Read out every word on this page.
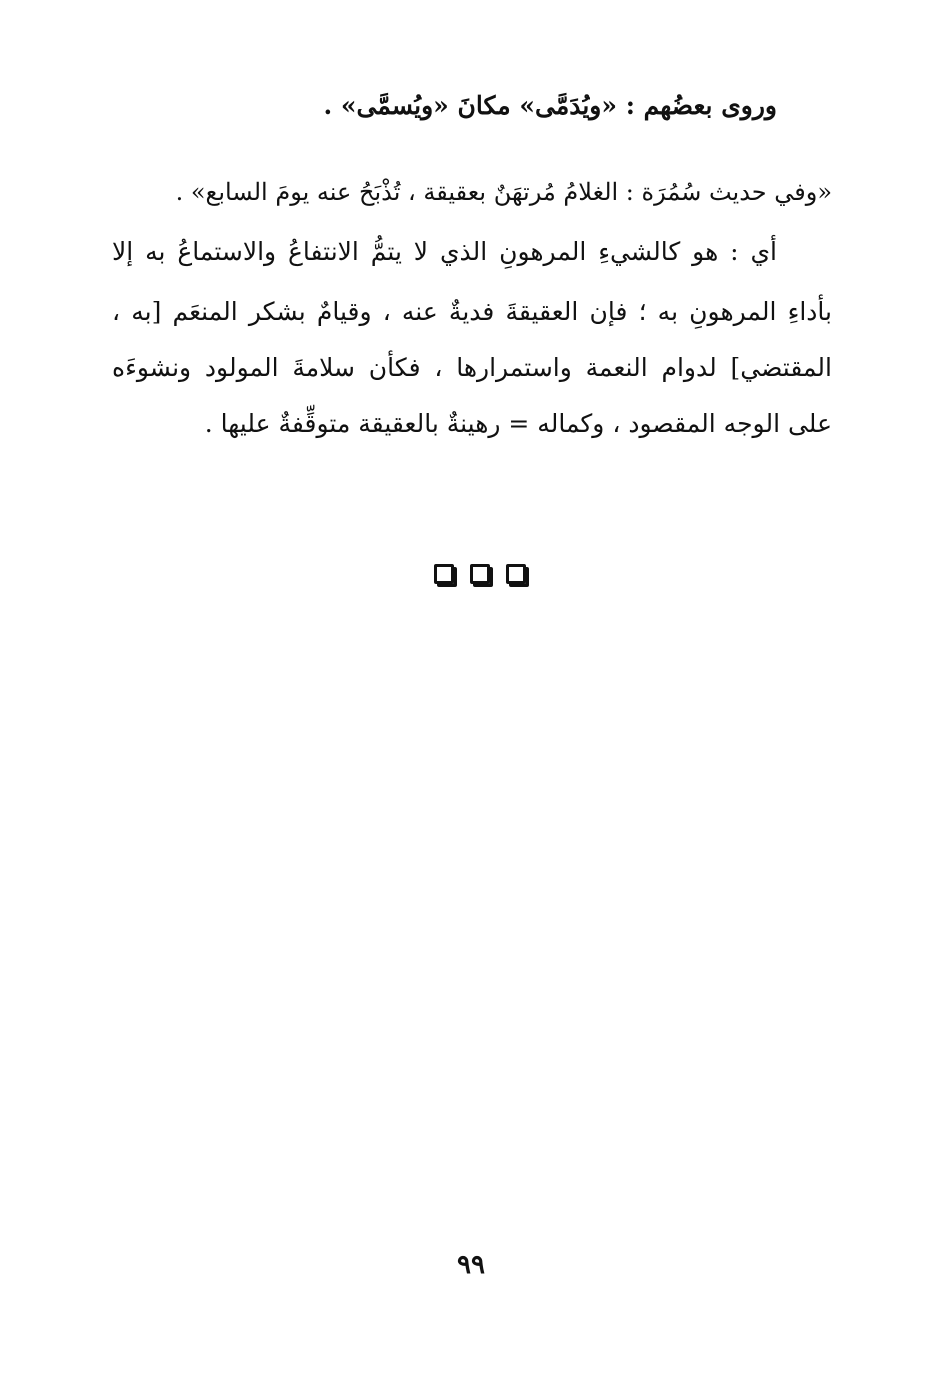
وروى بعضُهم : «ويُدَمَّى» مكانَ «ويُسمَّى» .
«وفي حديث سُمُرَة : الغلامُ مُرتهَنٌ بعقيقة ، تُذْبَحُ عنه يومَ السابع» .
أي : هو كالشيءِ المرهونِ الذي لا يتمُّ الانتفاعُ والاستماعُ به إلا
بأداءِ المرهونِ به ؛ فإن العقيقةَ فديةٌ عنه ، وقيامٌ بشكر المنعَم [به ،
المقتضي] لدوام النعمة واستمرارها ، فكأن سلامةَ المولود ونشوءَه
على الوجه المقصود ، وكماله = رهينةٌ بالعقيقة متوقِّفةٌ عليها .
٩٩
